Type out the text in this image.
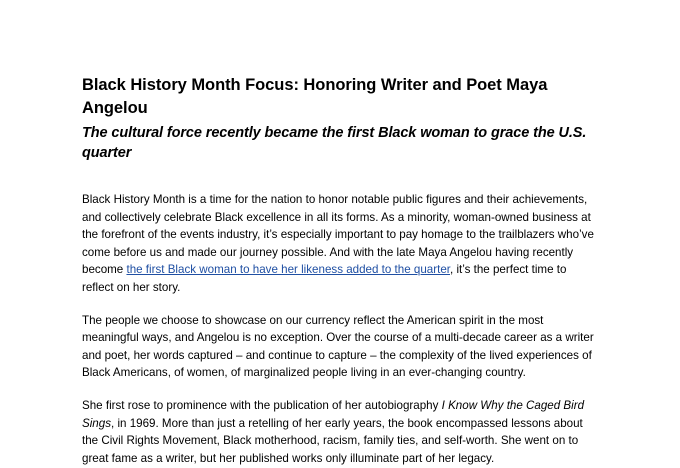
Black History Month Focus: Honoring Writer and Poet Maya Angelou
The cultural force recently became the first Black woman to grace the U.S. quarter

Black History Month is a time for the nation to honor notable public figures and their achievements, and collectively celebrate Black excellence in all its forms. As a minority, woman-owned business at the forefront of the events industry, it’s especially important to pay homage to the trailblazers who’ve come before us and made our journey possible. And with the late Maya Angelou having recently become the first Black woman to have her likeness added to the quarter, it’s the perfect time to reflect on her story.

The people we choose to showcase on our currency reflect the American spirit in the most meaningful ways, and Angelou is no exception. Over the course of a multi-decade career as a writer and poet, her words captured – and continue to capture – the complexity of the lived experiences of Black Americans, of women, of marginalized people living in an ever-changing country.

She first rose to prominence with the publication of her autobiography I Know Why the Caged Bird Sings, in 1969. More than just a retelling of her early years, the book encompassed lessons about the Civil Rights Movement, Black motherhood, racism, family ties, and self-worth. She went on to great fame as a writer, but her published works only illuminate part of her legacy.
